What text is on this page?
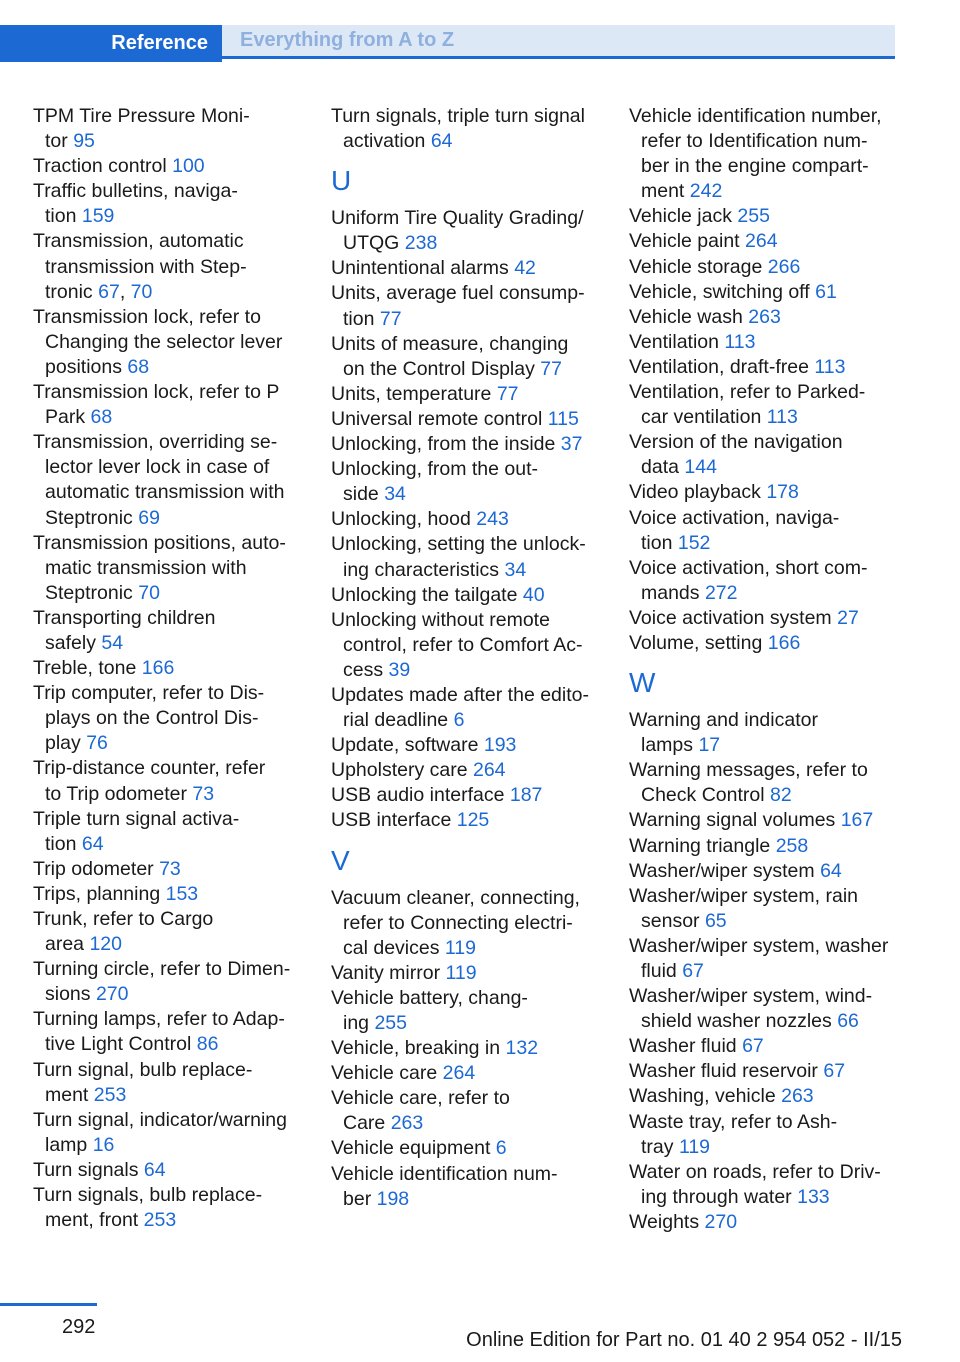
Reference	Everything from A to Z
TPM Tire Pressure Moni-
tor 95
Traction control 100
Traffic bulletins, naviga-
tion 159
Transmission, automatic
transmission with Step-
tronic 67, 70
Transmission lock, refer to
Changing the selector lever
positions 68
Transmission lock, refer to P
Park 68
Transmission, overriding se-
lector lever lock in case of
automatic transmission with
Steptronic 69
Transmission positions, auto-
matic transmission with
Steptronic 70
Transporting children
safely 54
Treble, tone 166
Trip computer, refer to Dis-
plays on the Control Dis-
play 76
Trip-distance counter, refer
to Trip odometer 73
Triple turn signal activa-
tion 64
Trip odometer 73
Trips, planning 153
Trunk, refer to Cargo
area 120
Turning circle, refer to Dimen-
sions 270
Turning lamps, refer to Adap-
tive Light Control 86
Turn signal, bulb replace-
ment 253
Turn signal, indicator/warning
lamp 16
Turn signals 64
Turn signals, bulb replace-
ment, front 253
Turn signals, triple turn signal
activation 64
U
Uniform Tire Quality Grading/
UTQG 238
Unintentional alarms 42
Units, average fuel consump-
tion 77
Units of measure, changing
on the Control Display 77
Units, temperature 77
Universal remote control 115
Unlocking, from the inside 37
Unlocking, from the out-
side 34
Unlocking, hood 243
Unlocking, setting the unlock-
ing characteristics 34
Unlocking the tailgate 40
Unlocking without remote
control, refer to Comfort Ac-
cess 39
Updates made after the edito-
rial deadline 6
Update, software 193
Upholstery care 264
USB audio interface 187
USB interface 125
V
Vacuum cleaner, connecting,
refer to Connecting electri-
cal devices 119
Vanity mirror 119
Vehicle battery, chang-
ing 255
Vehicle, breaking in 132
Vehicle care 264
Vehicle care, refer to
Care 263
Vehicle equipment 6
Vehicle identification num-
ber 198
Vehicle identification number,
refer to Identification num-
ber in the engine compart-
ment 242
Vehicle jack 255
Vehicle paint 264
Vehicle storage 266
Vehicle, switching off 61
Vehicle wash 263
Ventilation 113
Ventilation, draft-free 113
Ventilation, refer to Parked-
car ventilation 113
Version of the navigation
data 144
Video playback 178
Voice activation, naviga-
tion 152
Voice activation, short com-
mands 272
Voice activation system 27
Volume, setting 166
W
Warning and indicator
lamps 17
Warning messages, refer to
Check Control 82
Warning signal volumes 167
Warning triangle 258
Washer/wiper system 64
Washer/wiper system, rain
sensor 65
Washer/wiper system, washer
fluid 67
Washer/wiper system, wind-
shield washer nozzles 66
Washer fluid 67
Washer fluid reservoir 67
Washing, vehicle 263
Waste tray, refer to Ash-
tray 119
Water on roads, refer to Driv-
ing through water 133
Weights 270
292
Online Edition for Part no. 01 40 2 954 052 - II/15
